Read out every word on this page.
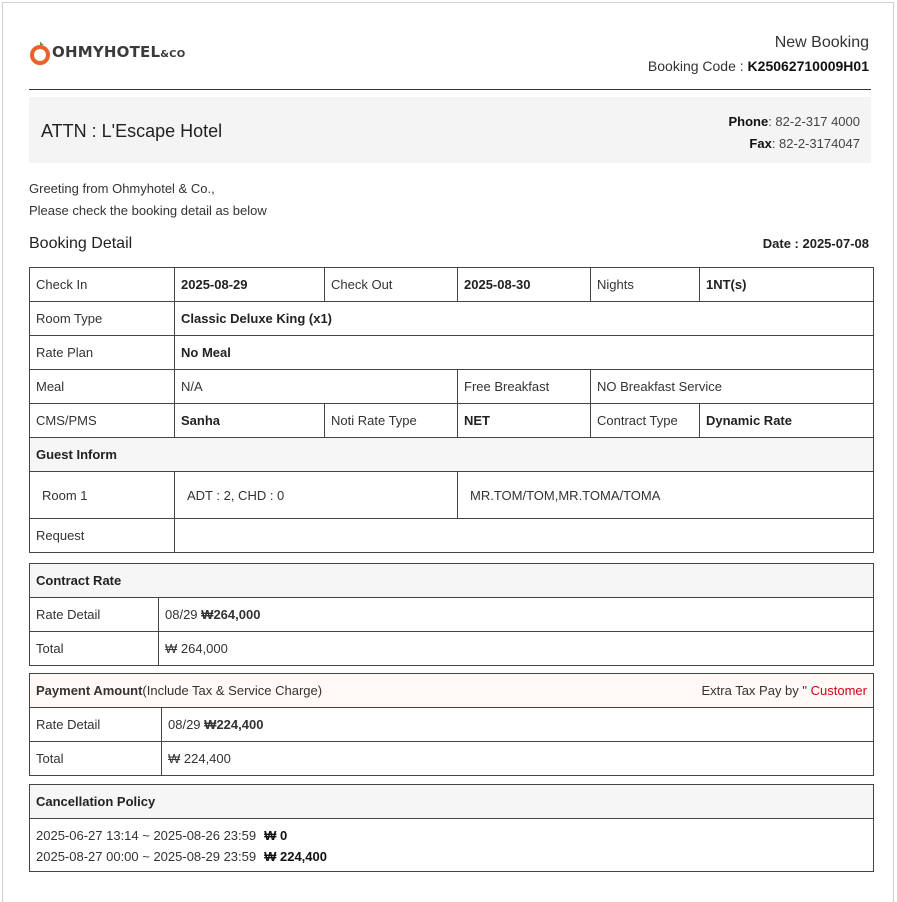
OHMYHOTEL&CO
New Booking
Booking Code : K25062710009H01
ATTN : L'Escape Hotel	Phone: 82-2-317 4000
Fax: 82-2-3174047
Greeting from Ohmyhotel & Co.,
Please check the booking detail as below
Booking Detail	Date : 2025-07-08
Check In	2025-08-29	Check Out	2025-08-30	Nights	1NT(s)
Room Type	Classic Deluxe King (x1)				
Rate Plan	No Meal				
Meal	N/A		Free Breakfast	NO Breakfast Service	
CMS/PMS	Sanha	Noti Rate Type	NET	Contract Type	Dynamic Rate
Guest Inform					
Room 1	ADT : 2, CHD : 0		MR.TOM/TOM,MR.TOMA/TOMA		
Request					
Contract Rate	
Rate Detail	08/29 ₩264,000
Total	₩ 264,000
Payment Amount(Include Tax & Service Charge) Extra Tax Pay by " Customer	

Rate Detail	08/29 ₩224,400
Total	₩ 224,400
Cancellation Policy

2025-06-27 13:14 ~ 2025-08-26 23:59 ₩ 0
2025-08-27 00:00 ~ 2025-08-29 23:59 ₩ 224,400
